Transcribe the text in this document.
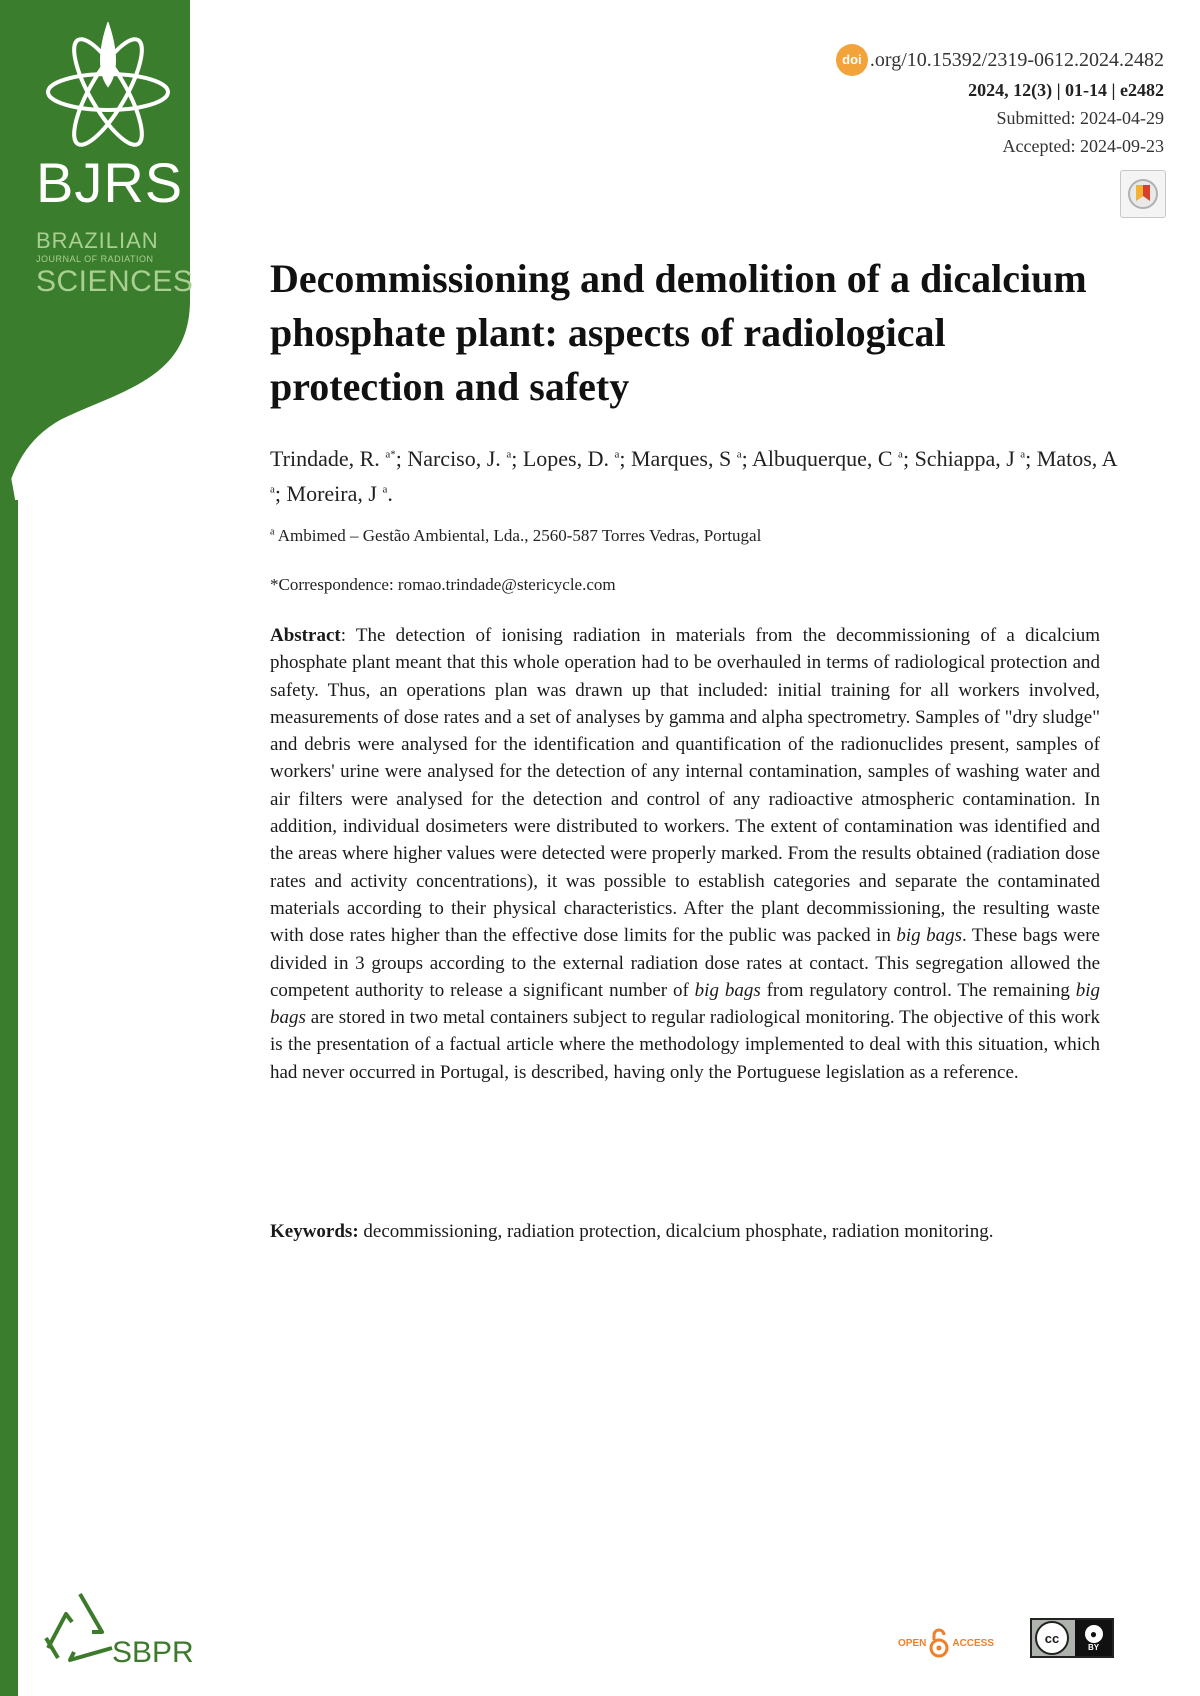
BJRS
BRAZILIAN
JOURNAL OF RADIATION
SCIENCES
doi .org/10.15392/2319-0612.2024.2482
2024, 12(3) | 01-14 | e2482
Submitted: 2024-04-29
Accepted: 2024-09-23
Decommissioning and demolition of a dicalcium phosphate plant: aspects of radiological protection and safety

Trindade, R. $^{a*}$; Narciso, J. $^a$; Lopes, D. $^a$; Marques, S $^a$; Albuquerque, C $^a$; Schiappa, J $^a$; Matos, A $^a$; Moreira, J $^a$.

$^a$ Ambimed – Gestão Ambiental, Lda., 2560-587 Torres Vedras, Portugal

*Correspondence: romao.trindade@stericycle.com

Abstract: The detection of ionising radiation in materials from the decommissioning of a dicalcium phosphate plant meant that this whole operation had to be overhauled in terms of radiological protection and safety. Thus, an operations plan was drawn up that included: initial training for all workers involved, measurements of dose rates and a set of analyses by gamma and alpha spectrometry. Samples of "dry sludge" and debris were analysed for the identification and quantification of the radionuclides present, samples of workers' urine were analysed for the detection of any internal contamination, samples of washing water and air filters were analysed for the detection and control of any radioactive atmospheric contamination. In addition, individual dosimeters were distributed to workers. The extent of contamination was identified and the areas where higher values were detected were properly marked. From the results obtained (radiation dose rates and activity concentrations), it was possible to establish categories and separate the contaminated materials according to their physical characteristics. After the plant decommissioning, the resulting waste with dose rates higher than the effective dose limits for the public was packed in big bags. These bags were divided in 3 groups according to the external radiation dose rates at contact. This segregation allowed the competent authority to release a significant number of big bags from regulatory control. The remaining big bags are stored in two metal containers subject to regular radiological monitoring. The objective of this work is the presentation of a factual article where the methodology implemented to deal with this situation, which had never occurred in Portugal, is described, having only the Portuguese legislation as a reference.

Keywords: decommissioning, radiation protection, dicalcium phosphate, radiation monitoring.

SBPR	OPEN	ACCESS	cc	●
BY
